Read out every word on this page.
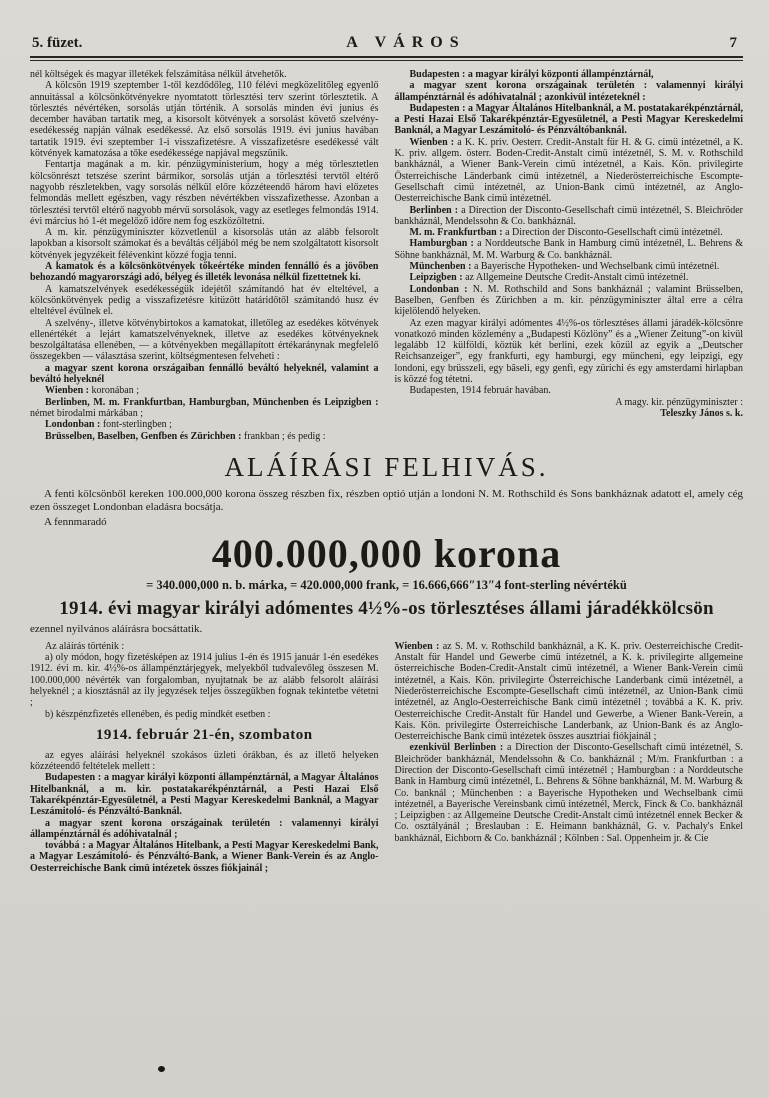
5. füzet.	A VÁROS	7

nél költségek és magyar illetékek felszámítása nélkül átvehetők.

A kölcsön 1919 szeptember 1-től kezdődőleg, 110 félévi megközelitőleg egyenlő annuitással a kölcsönkötvényekre nyomtatott törlesztési terv szerint törlesztetik. A törlesztés névértéken, sorsolás utján történik. A sorsolás minden évi junius és december havában tartatik meg, a kisorsolt kötvények a sorsolást követő szelvény-esedékesség napján válnak esedékessé. Az első sorsolás 1919. évi junius havában tartatik 1919. évi szeptember 1-i visszafizetésre. A visszafizetésre esedékessé vált kötvények kamatozása a tőke esedékessége napjával megszünik.

Fentartja magának a m. kir. pénzügyministerium, hogy a még törlesztetlen kölcsönrészt tetszése szerint bármikor, sorsolás utján a törlesztési tervtől eltérő nagyobb részletekben, vagy sorsolás nélkül előre közzéteendő három havi előzetes felmondás mellett egészben, vagy részben névértékben visszafizethesse. Azonban a törlesztési tervtől eltérő nagyobb mérvü sorsolások, vagy az esetleges felmondás 1914. évi március hó 1-ét megelőző időre nem fog eszközöltetni.

A m. kir. pénzügyminiszter közvetlenül a kisorsolás után az alább felsorolt lapokban a kisorsolt számokat és a beváltás céljából még be nem szolgáltatott kisorsolt kötvények jegyzékeit félévenkint közzé fogja tenni.

A kamatok és a kölcsönkötvények tőkeértéke minden fennálló és a jövőben behozandó magyarországi adó, bélyeg és illeték levonása nélkül fizettetnek ki.

A kamatszelvények esedékességük idejétől számítandó hat év elteltével, a kölcsönkötvények pedig a visszafizetésre kitüzött határidőtől számítandó husz év elteltével évülnek el.

A szelvény-, illetve kötvénybirtokos a kamatokat, illetőleg az esedékes kötvények ellenértékét a lejárt kamatszelvényeknek, illetve az esedékes kötvényeknek beszolgáltatása ellenében, — a kötvényekben megállapított értékaránynak megfelelő összegekben — választása szerint, költségmentesen felveheti :

a magyar szent korona országaiban fennálló beváltó helyeknél, valamint a beváltó helyeknél

Wienben : koronában ;

Berlinben, M. m. Frankfurtban, Hamburgban, Münchenben és Leipzigben : német birodalmi márkában ;

Londonban : font-sterlingben ;

Brüsselben, Baselben, Genfben és Zürichben : frankban ; és pedig :

Budapesten : a magyar királyi központi állampénztárnál,

a magyar szent korona országainak területén : valamennyi királyi állampénztárnál és adóhivatalnál ; azonkivül intézeteknél :

Budapesten : a Magyar Általános Hitelbanknál, a M. postatakarékpénztárnál, a Pesti Hazai Első Takarékpénztár-Egyesületnél, a Pesti Magyar Kereskedelmi Banknál, a Magyar Leszámitoló- és Pénzváltóbanknál.

Wienben : a K. K. priv. Oesterr. Credit-Anstalt für H. & G. cimü intézetnél, a K. K. priv. allgem. österr. Boden-Credit-Anstalt cimü intézetnél, S. M. v. Rothschild bankháznál, a Wiener Bank-Verein cimü intézetnél, a Kais. Kön. privilegirte Österreichische Länderbank cimü intézetnél, a Niederösterreichische Escompte-Gesellschaft cimü intézetnél, az Union-Bank cimü intézetnél, az Anglo-Oesterreichische Bank cimü intézetnél.

Berlinben : a Direction der Disconto-Gesellschaft cimü intézetnél, S. Bleichröder bankháznál, Mendelssohn & Co. bankháznál.

M. m. Frankfurtban : a Direction der Disconto-Gesellschaft cimü intézetnél.

Hamburgban : a Norddeutsche Bank in Hamburg cimü intézetnél, L. Behrens & Söhne bankháznál, M. M. Warburg & Co. bankháznál.

Münchenben : a Bayerische Hypotheken- und Wechselbank cimü intézetnél.

Leipzigben : az Allgemeine Deutsche Credit-Anstalt cimü intézetnél.

Londonban : N. M. Rothschild and Sons bankháznál ; valamint Brüsselben, Baselben, Genfben és Zürichben a m. kir. pénzügyminiszter által erre a célra kijelölendő helyeken.

Az ezen magyar királyi adómentes 4½%-os törlesztéses állami járadék-kölcsönre vonatkozó minden közlemény a „Budapesti Közlöny” és a „Wiener Zeitung”-on kivül legalább 12 külföldi, köztük két berlini, ezek közül az egyik a „Deutscher Reichsanzeiger”, egy frankfurti, egy hamburgi, egy müncheni, egy leipzigi, egy londoni, egy brüsszeli, egy bâseli, egy genfi, egy zürichi és egy amsterdami hirlapban is közzé fog tétetni.

Budapesten, 1914 február havában.

A magy. kir. pénzügyminiszter :

Teleszky János s. k.

ALÁÍRÁSI FELHIVÁS.

A fenti kölcsönből kereken 100.000,000 korona összeg részben fix, részben optió utján a londoni N. M. Rothschild és Sons bankháznak adatott el, amely cég ezen összeget Londonban eladásra bocsátja.

A fennmaradó

400.000,000 korona
= 340.000,000 n. b. márka, = 420.000,000 frank, = 16.666,666″13″4 font-sterling névértékü
1914. évi magyar királyi adómentes 4½%-os törlesztéses állami járadékkölcsön

ezennel nyilvános aláírásra bocsáttatik.

Az aláírás történik :

a) oly módon, hogy fizetésképen az 1914 julius 1-én és 1915 január 1-én esedékes 1912. évi m. kir. 4½%-os állampénztárjegyek, melyekből tudvalevőleg összesen M. 100.000,000 névérték van forgalomban, nyujtatnak be az alább felsorolt aláírási helyeknél ; a kiosztásnál az ily jegyzések teljes összegükben fognak tekintetbe vétetni ;

b) készpénzfizetés ellenében, és pedig mindkét esetben :

1914. február 21-én, szombaton

az egyes aláírási helyeknél szokásos üzleti órákban, és az illető helyeken közzéteendő feltételek mellett :

Budapesten : a magyar királyi központi állampénztárnál, a Magyar Általános Hitelbanknál, a m. kir. postatakarékpénztárnál, a Pesti Hazai Első Takarékpénztár-Egyesületnél, a Pesti Magyar Kereskedelmi Banknál, a Magyar Leszámitoló- és Pénzváltó-Banknál.

a magyar szent korona országainak területén : valamennyi királyi állampénztárnál és adóhivatalnál ;

továbbá : a Magyar Általános Hitelbank, a Pesti Magyar Kereskedelmi Bank, a Magyar Leszámitoló- és Pénzváltó-Bank, a Wiener Bank-Verein és az Anglo-Oesterreichische Bank cimü intézetek összes fiókjainál ;

Wienben : az S. M. v. Rothschild bankháznál, a K. K. priv. Oesterreichische Credit-Anstalt für Handel und Gewerbe cimü intézetnél, a K. k. privilegirte allgemeine österreichische Boden-Credit-Anstalt cimü intézetnél, a Wiener Bank-Verein cimü intézetnél, a Kais. Kön. privilegirte Österreichische Landerbank cimü intézetnél, a Niederösterreichische Escompte-Gesellschaft cimü intézetnél, az Union-Bank cimü intézetnél, az Anglo-Oesterreichische Bank cimü intézetnél ; továbbá a K. K. priv. Oesterreichische Credit-Anstalt für Handel und Gewerbe, a Wiener Bank-Verein, a Kais. Kön. privilegirte Österreichische Landerbank, az Union-Bank és az Anglo-Oesterreichische Bank cimü intézetek összes ausztriai fiókjainál ;

ezenkivül Berlinben : a Direction der Disconto-Gesellschaft cimü intézetnél, S. Bleichröder bankháznál, Mendelssohn & Co. bankháznál ; M/m. Frankfurtban : a Direction der Disconto-Gesellschaft cimü intézetnél ; Hamburgban : a Norddeutsche Bank in Hamburg cimü intézetnél, L. Behrens & Söhne bankháznál, M. M. Warburg & Co. banknál ; Münchenben : a Bayerische Hypotheken und Wechselbank cimü intézetnél, a Bayerische Vereinsbank cimü intézetnél, Merck, Finck & Co. bankháznál ; Leipzigben : az Allgemeine Deutsche Credit-Anstalt cimü intézetnél ennek Becker & Co. osztályánál ; Breslauban : E. Heimann bankháznál, G. v. Pachaly's Enkel bankháznál, Eichborn & Co. bankháznál ; Kölnben : Sal. Oppenheim jr. & Cie
